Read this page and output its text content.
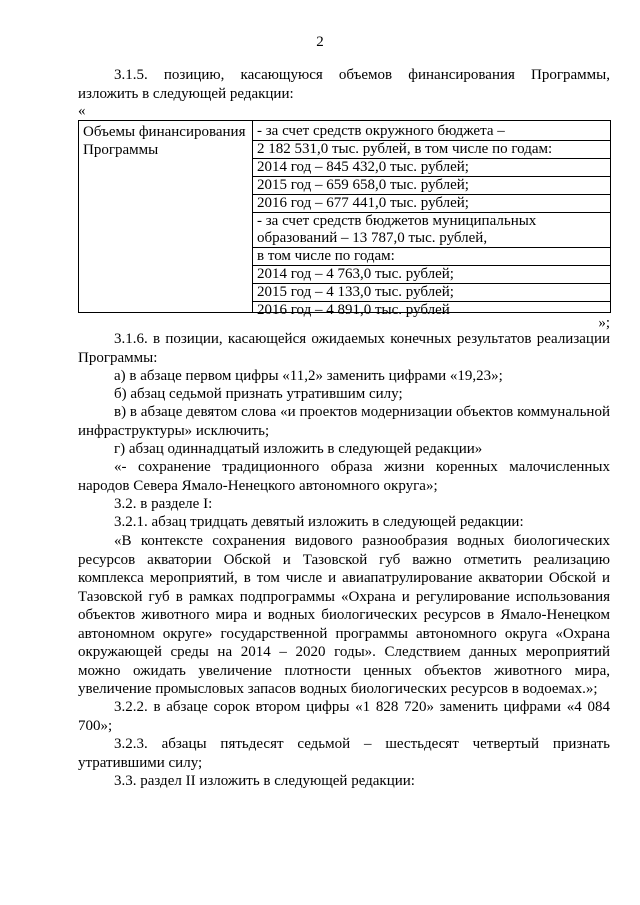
2
3.1.5. позицию, касающуюся объемов финансирования Программы, изложить в следующей редакции:
«
Объемы финансирования Программы
- за счет средств окружного бюджета –
2 182 531,0 тыс. рублей, в том числе по годам:
2014 год – 845 432,0 тыс. рублей;
2015 год – 659 658,0 тыс. рублей;
2016 год – 677 441,0 тыс. рублей;
- за счет средств бюджетов муниципальных образований – 13 787,0 тыс. рублей,
в том числе по годам:
2014 год – 4 763,0 тыс. рублей;
2015 год – 4 133,0 тыс. рублей;
2016 год – 4 891,0 тыс. рублей
»;
3.1.6. в позиции, касающейся ожидаемых конечных результатов реализации Программы:
а) в абзаце первом цифры «11,2» заменить цифрами «19,23»;
б) абзац седьмой признать утратившим силу;
в) в абзаце девятом слова «и проектов модернизации объектов коммунальной инфраструктуры» исключить;
г) абзац одиннадцатый изложить в следующей редакции»
«- сохранение традиционного образа жизни коренных малочисленных народов Севера Ямало-Ненецкого автономного округа»;
3.2. в разделе I:
3.2.1. абзац тридцать девятый изложить в следующей редакции:
«В контексте сохранения видового разнообразия водных биологических ресурсов акватории Обской и Тазовской губ важно отметить реализацию комплекса мероприятий, в том числе и авиапатрулирование акватории Обской и Тазовской губ в рамках подпрограммы «Охрана и регулирование использования объектов животного мира и водных биологических ресурсов в Ямало-Ненецком автономном округе» государственной программы автономного округа «Охрана окружающей среды на 2014 – 2020 годы». Следствием данных мероприятий можно ожидать увеличение плотности ценных объектов животного мира, увеличение промысловых запасов водных биологических ресурсов в водоемах.»;
3.2.2. в абзаце сорок втором цифры «1 828 720» заменить цифрами «4 084 700»;
3.2.3. абзацы пятьдесят седьмой – шестьдесят четвертый признать утратившими силу;
3.3. раздел II изложить в следующей редакции:
